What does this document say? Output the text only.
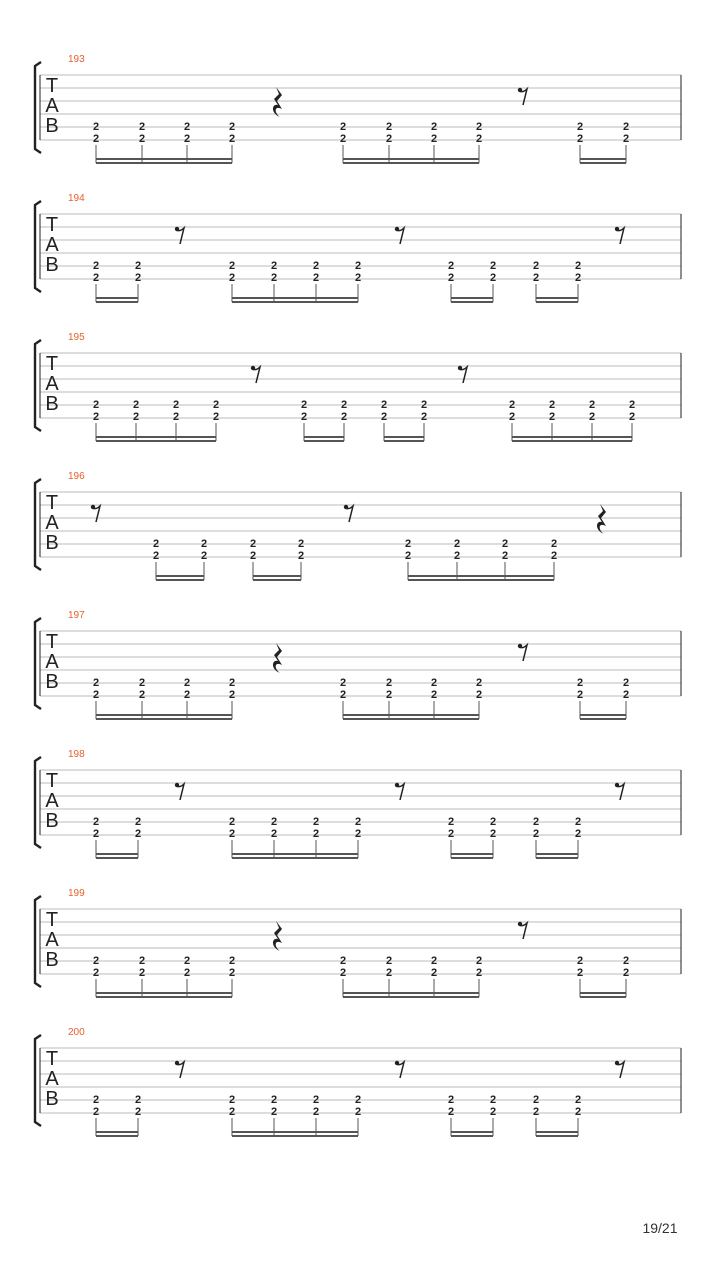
193
T
A
B	2
2
2
2
2
2
2
2
2
2
2
2
2
2
2
2
2
2
2
2
194
T
A
B	2
2
2
2
2
2
2
2
2
2
2
2
2
2
2
2
2
2
2
2
195
T
A
B	2
2
2
2
2
2
2
2
2
2
2
2
2
2
2
2
2
2
2
2
2
2
2
2
196
T
A
B	2
2
2
2
2
2
2
2
2
2
2
2
2
2
2
2
197
T
A
B	2
2
2
2
2
2
2
2
2
2
2
2
2
2
2
2
2
2
2
2
198
T
A
B	2
2
2
2
2
2
2
2
2
2
2
2
2
2
2
2
2
2
2
2
199
T
A
B	2
2
2
2
2
2
2
2
2
2
2
2
2
2
2
2
2
2
2
2
200
T
A
B	2
2
2
2
2
2
2
2
2
2
2
2
2
2
2
2
2
2
2
2
19/21
